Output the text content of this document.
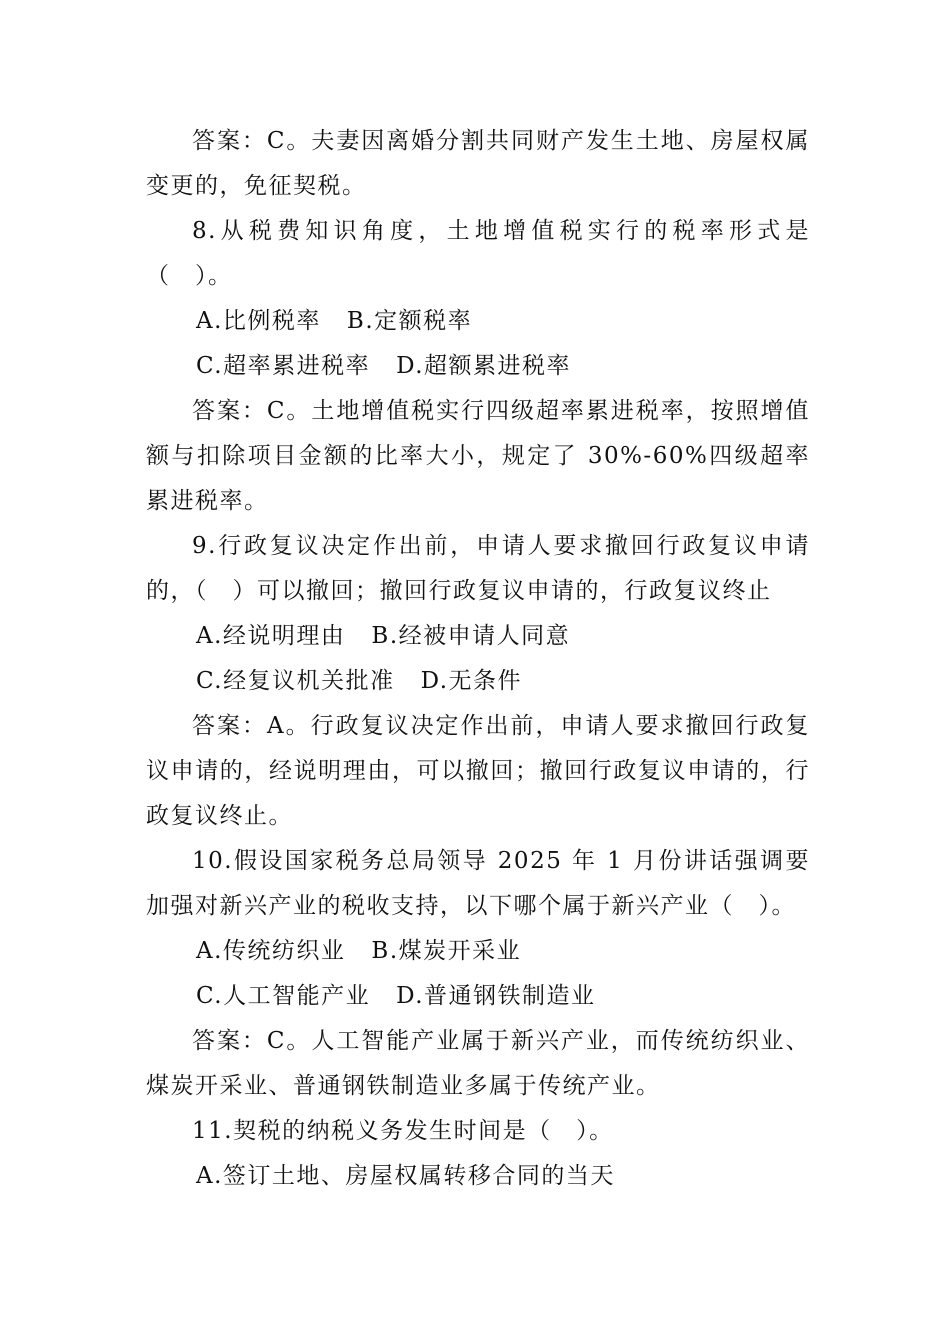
答案：C。夫妻因离婚分割共同财产发生土地、房屋权属变更的，免征契税。

8.从税费知识角度，土地增值税实行的税率形式是（　）。

A.比例税率 B.定额税率
C.超率累进税率 D.超额累进税率

答案：C。土地增值税实行四级超率累进税率，按照增值额与扣除项目金额的比率大小，规定了 30%-60%四级超率累进税率。

9.行政复议决定作出前，申请人要求撤回行政复议申请的，（　）可以撤回；撤回行政复议申请的，行政复议终止

A.经说明理由 B.经被申请人同意
C.经复议机关批准 D.无条件

答案：A。行政复议决定作出前，申请人要求撤回行政复议申请的，经说明理由，可以撤回；撤回行政复议申请的，行政复议终止。

10.假设国家税务总局领导 2025 年 1 月份讲话强调要加强对新兴产业的税收支持，以下哪个属于新兴产业（　）。

A.传统纺织业 B.煤炭开采业
C.人工智能产业 D.普通钢铁制造业

答案：C。人工智能产业属于新兴产业，而传统纺织业、煤炭开采业、普通钢铁制造业多属于传统产业。

11.契税的纳税义务发生时间是（　）。

A.签订土地、房屋权属转移合同的当天
